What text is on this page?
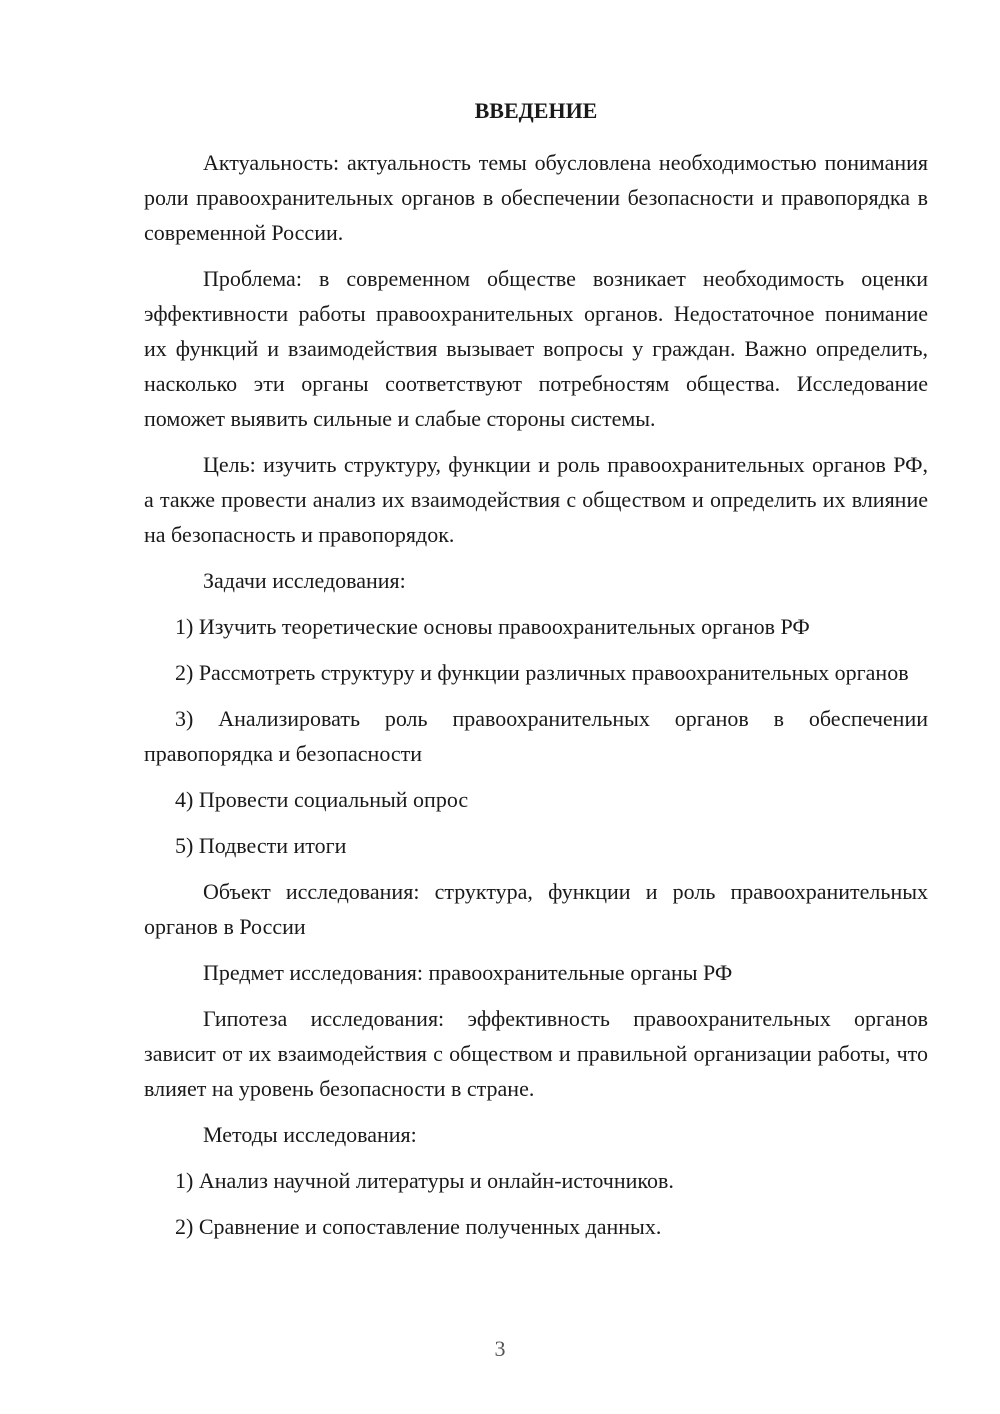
ВВЕДЕНИЕ

Актуальность: актуальность темы обусловлена необходимостью понимания роли правоохранительных органов в обеспечении безопасности и правопорядка в современной России.

Проблема: в современном обществе возникает необходимость оценки эффективности работы правоохранительных органов. Недостаточное понимание их функций и взаимодействия вызывает вопросы у граждан. Важно определить, насколько эти органы соответствуют потребностям общества. Исследование поможет выявить сильные и слабые стороны системы.

Цель: изучить структуру, функции и роль правоохранительных органов РФ, а также провести анализ их взаимодействия с обществом и определить их влияние на безопасность и правопорядок.

Задачи исследования:

1) Изучить теоретические основы правоохранительных органов РФ

2) Рассмотреть структуру и функции различных правоохранительных органов

3) Анализировать роль правоохранительных органов в обеспечении правопорядка и безопасности

4) Провести социальный опрос

5) Подвести итоги

Объект исследования: структура, функции и роль правоохранительных органов в России

Предмет исследования: правоохранительные органы РФ

Гипотеза исследования: эффективность правоохранительных органов зависит от их взаимодействия с обществом и правильной организации работы, что влияет на уровень безопасности в стране.

Методы исследования:

1) Анализ научной литературы и онлайн-источников.

2) Сравнение и сопоставление полученных данных.

3
